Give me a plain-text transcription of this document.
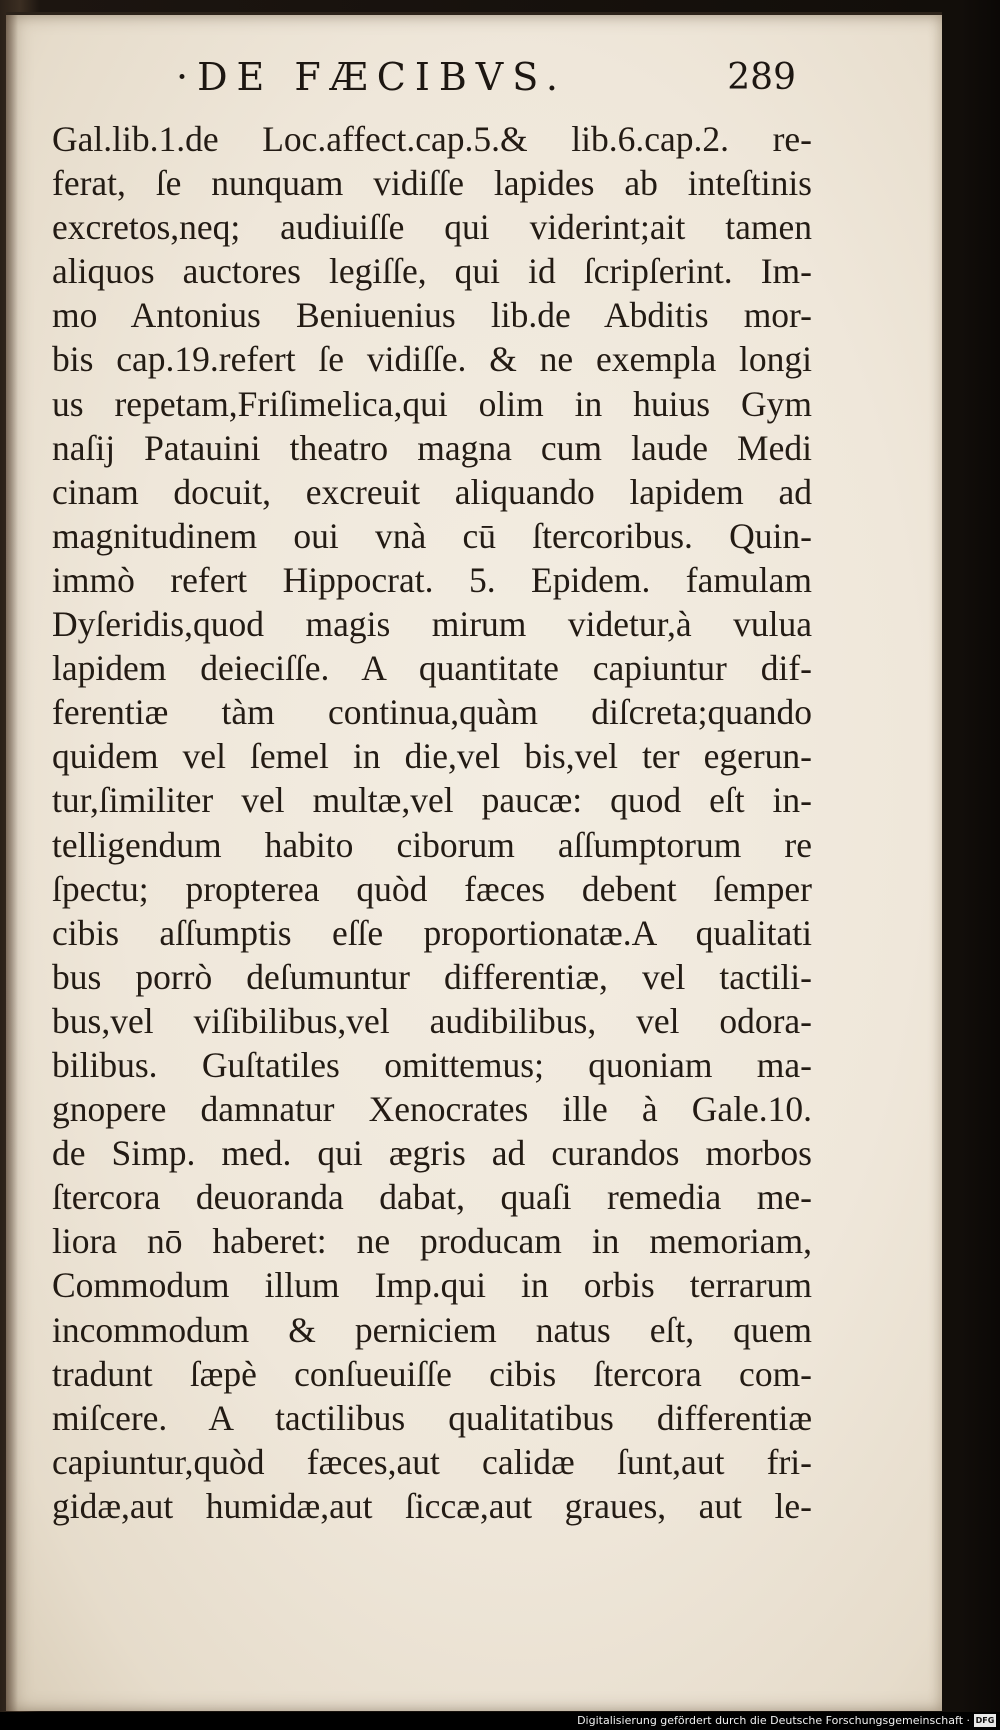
·DE FÆCIBVS.	289
Gal.lib.1.de Loc.affect.cap.5.& lib.6.cap.2. re-
ferat, ſe nunquam vidiſſe lapides ab inteſtinis
excretos,neq; audiuiſſe qui viderint;ait tamen
aliquos auctores legiſſe, qui id ſcripſerint. Im-
mo Antonius Beniuenius lib.de Abditis mor-
bis cap.19.refert ſe vidiſſe. & ne exempla longi
us repetam,Friſimelica,qui olim in huius Gym
naſij Patauini theatro magna cum laude Medi
cinam docuit, excreuit aliquando lapidem ad
magnitudinem oui vnà cū ſtercoribus. Quin-
immò refert Hippocrat. 5. Epidem. famulam
Dyſeridis,quod magis mirum videtur,à vulua
lapidem deieciſſe. A quantitate capiuntur dif-
ferentiæ tàm continua,quàm diſcreta;quando
quidem vel ſemel in die,vel bis,vel ter egerun-
tur,ſimiliter vel multæ,vel paucæ: quod eſt in-
telligendum habito ciborum aſſumptorum re
ſpectu; propterea quòd fæces debent ſemper
cibis aſſumptis eſſe proportionatæ.A qualitati
bus porrò deſumuntur differentiæ, vel tactili-
bus,vel viſibilibus,vel audibilibus, vel odora-
bilibus. Guſtatiles omittemus; quoniam ma-
gnopere damnatur Xenocrates ille à Gale.10.
de Simp. med. qui ægris ad curandos morbos
ſtercora deuoranda dabat, quaſi remedia me-
liora nō haberet: ne producam in memoriam,
Commodum illum Imp.qui in orbis terrarum
incommodum & perniciem natus eſt, quem
tradunt ſæpè conſueuiſſe cibis ſtercora com-
miſcere. A tactilibus qualitatibus differentiæ
capiuntur,quòd fæces,aut calidæ ſunt,aut fri-
gidæ,aut humidæ,aut ſiccæ,aut graues, aut le-
Digitalisierung gefördert durch die Deutsche Forschungsgemeinschaft · DFG
